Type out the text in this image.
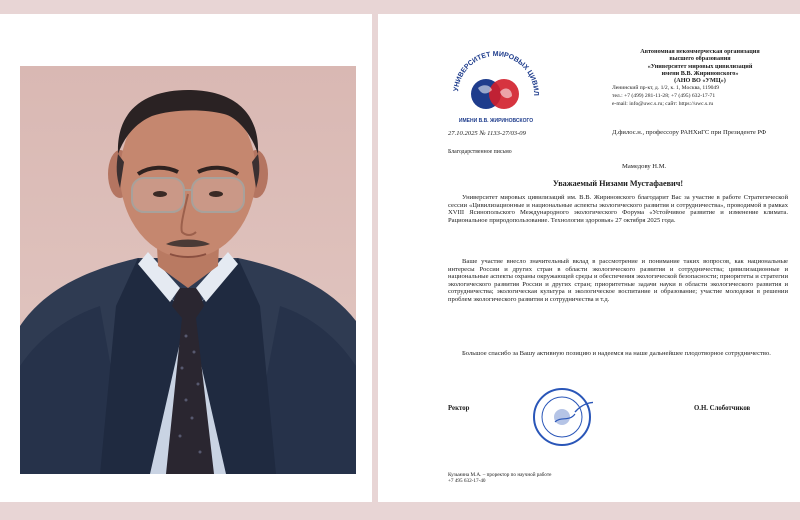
УНИВЕРСИТЕТ МИРОВЫХ ЦИВИЛ
ИМЕНИ В.В. ЖИРИНОВСКОГО
Автономная некоммерческая организация
высшего образования
«Университет мировых цивилизаций
имени В.В. Жириновского»
(АНО ВО «УМЦ»)
Ленинский пр-кт, д. 1/2, к. 1, Москва, 119049
тел.: +7 (499) 281-11-28; +7 (495) 632-17-71
e-mail: info@uwc.s.ru; сайт: https://uwc.s.ru
27.10.2025 № 1133-27/03-09	Д.филос.н., профессору РАНХиГС при Президенте РФ
Мамедову Н.М.
Благодарственное письмо
Уважаемый Низами Мустафаевич!
Университет мировых цивилизаций им. В.В. Жириновского благодарит Вас за участие в работе Стратегической сессии «Цивилизационные и национальные аспекты экологического развития и сотрудничества», проводимой в рамках XVIII Ясинопольского Международного экологического Форума «Устойчивое развитие и изменение климата. Рациональное природопользование. Технологии здоровья» 27 октября 2025 года.
Ваше участие внесло значительный вклад в рассмотрение и понимание таких вопросов, как национальные интересы России и других стран в области экологического развития и сотрудничества; цивилизационные и национальные аспекты охраны окружающей среды и обеспечения экологической безопасности; приоритеты и стратегии экологического развития России и других стран; приоритетные задачи науки в области экологического развития и сотрудничества; экологическая культура и экологическое воспитание и образование; участие молодежи в решении проблем экологического развития и сотрудничества и т.д.
Большое спасибо за Вашу активную позицию и надеемся на наше дальнейшее плодотворное сотрудничество.
Ректор	О.Н. Слоботчиков
Кузьмина М.А. – проректор по научной работе
+7 495 632-17-40
